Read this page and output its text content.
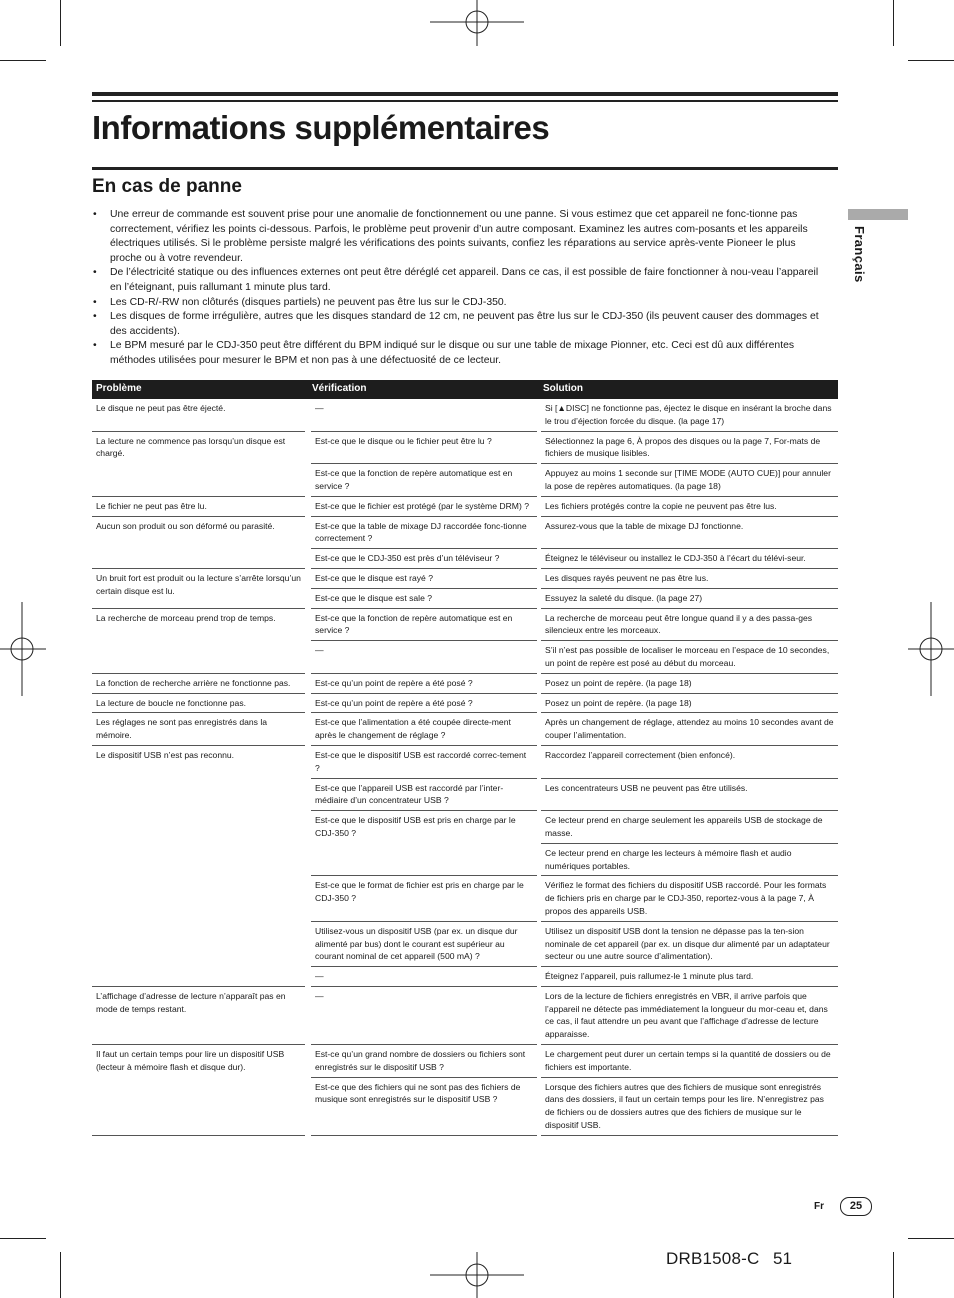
Informations supplémentaires
En cas de panne
Français
• Une erreur de commande est souvent prise pour une anomalie de fonctionnement ou une panne. Si vous estimez que cet appareil ne fonc-tionne pas correctement, vérifiez les points ci-dessous. Parfois, le problème peut provenir d’un autre composant. Examinez les autres com-posants et les appareils électriques utilisés. Si le problème persiste malgré les vérifications des points suivants, confiez les réparations au service après-vente Pioneer le plus proche ou à votre revendeur.
• De l’électricité statique ou des influences externes ont peut être déréglé cet appareil. Dans ce cas, il est possible de faire fonctionner à nou-veau l’appareil en l’éteignant, puis rallumant 1 minute plus tard.
• Les CD-R/-RW non clôturés (disques partiels) ne peuvent pas être lus sur le CDJ-350.
• Les disques de forme irrégulière, autres que les disques standard de 12 cm, ne peuvent pas être lus sur le CDJ-350 (ils peuvent causer des dommages et des accidents).
• Le BPM mesuré par le CDJ-350 peut être différent du BPM indiqué sur le disque ou sur une table de mixage Pionner, etc. Ceci est dû aux différentes méthodes utilisées pour mesurer le BPM et non pas à une défectuosité de ce lecteur.
Problème	Vérification	Solution
Le disque ne peut pas être éjecté.	—	Si [▲DISC] ne fonctionne pas, éjectez le disque en insérant la broche dans le trou d’éjection forcée du disque. (la page 17)
La lecture ne commence pas lorsqu’un disque est chargé.	Est-ce que le disque ou le fichier peut être lu ?	Sélectionnez la page 6, À propos des disques ou la page 7, For-mats de fichiers de musique lisibles.
	Est-ce que la fonction de repère automatique est en service ?	Appuyez au moins 1 seconde sur [TIME MODE (AUTO CUE)] pour annuler la pose de repères automatiques. (la page 18)
Le fichier ne peut pas être lu.	Est-ce que le fichier est protégé (par le système DRM) ?	Les fichiers protégés contre la copie ne peuvent pas être lus.
Aucun son produit ou son déformé ou parasité.	Est-ce que la table de mixage DJ raccordée fonc-tionne correctement ?	Assurez-vous que la table de mixage DJ fonctionne.
	Est-ce que le CDJ-350 est près d’un téléviseur ?	Éteignez le téléviseur ou installez le CDJ-350 à l’écart du télévi-seur.
Un bruit fort est produit ou la lecture s’arrête lorsqu’un certain disque est lu.	Est-ce que le disque est rayé ?	Les disques rayés peuvent ne pas être lus.
	Est-ce que le disque est sale ?	Essuyez la saleté du disque. (la page 27)
La recherche de morceau prend trop de temps.	Est-ce que la fonction de repère automatique est en service ?	La recherche de morceau peut être longue quand il y a des passa-ges silencieux entre les morceaux.
	—	S’il n’est pas possible de localiser le morceau en l’espace de 10 secondes, un point de repère est posé au début du morceau.
La fonction de recherche arrière ne fonctionne pas.	Est-ce qu’un point de repère a été posé ?	Posez un point de repère. (la page 18)
La lecture de boucle ne fonctionne pas.	Est-ce qu’un point de repère a été posé ?	Posez un point de repère. (la page 18)
Les réglages ne sont pas enregistrés dans la mémoire.	Est-ce que l’alimentation a été coupée directe-ment après le changement de réglage ?	Après un changement de réglage, attendez au moins 10 secondes avant de couper l’alimentation.
Le dispositif USB n’est pas reconnu.	Est-ce que le dispositif USB est raccordé correc-tement ?	Raccordez l’appareil correctement (bien enfoncé).
	Est-ce que l’appareil USB est raccordé par l’inter-médiaire d’un concentrateur USB ?	Les concentrateurs USB ne peuvent pas être utilisés.
	Est-ce que le dispositif USB est pris en charge par le CDJ-350 ?	Ce lecteur prend en charge seulement les appareils USB de stockage de masse.
		Ce lecteur prend en charge les lecteurs à mémoire flash et audio numériques portables.
	Est-ce que le format de fichier est pris en charge par le CDJ-350 ?	Vérifiez le format des fichiers du dispositif USB raccordé. Pour les formats de fichiers pris en charge par le CDJ-350, reportez-vous à la page 7, À propos des appareils USB.
	Utilisez-vous un dispositif USB (par ex. un disque dur alimenté par bus) dont le courant est supérieur au courant nominal de cet appareil (500 mA) ?	Utilisez un dispositif USB dont la tension ne dépasse pas la ten-sion nominale de cet appareil (par ex. un disque dur alimenté par un adaptateur secteur ou une autre source d’alimentation).
	—	Éteignez l’appareil, puis rallumez-le 1 minute plus tard.
L’affichage d’adresse de lecture n’apparaît pas en mode de temps restant.	—	Lors de la lecture de fichiers enregistrés en VBR, il arrive parfois que l’appareil ne détecte pas immédiatement la longueur du mor-ceau et, dans ce cas, il faut attendre un peu avant que l’affichage d’adresse de lecture apparaisse.
Il faut un certain temps pour lire un dispositif USB (lecteur à mémoire flash et disque dur).	Est-ce qu’un grand nombre de dossiers ou fichiers sont enregistrés sur le dispositif USB ?	Le chargement peut durer un certain temps si la quantité de dossiers ou de fichiers est importante.
	Est-ce que des fichiers qui ne sont pas des fichiers de musique sont enregistrés sur le dispositif USB ?	Lorsque des fichiers autres que des fichiers de musique sont enregistrés dans des dossiers, il faut un certain temps pour les lire. N’enregistrez pas de fichiers ou de dossiers autres que des fichiers de musique sur le dispositif USB.
Fr	25
DRB1508-C 51
